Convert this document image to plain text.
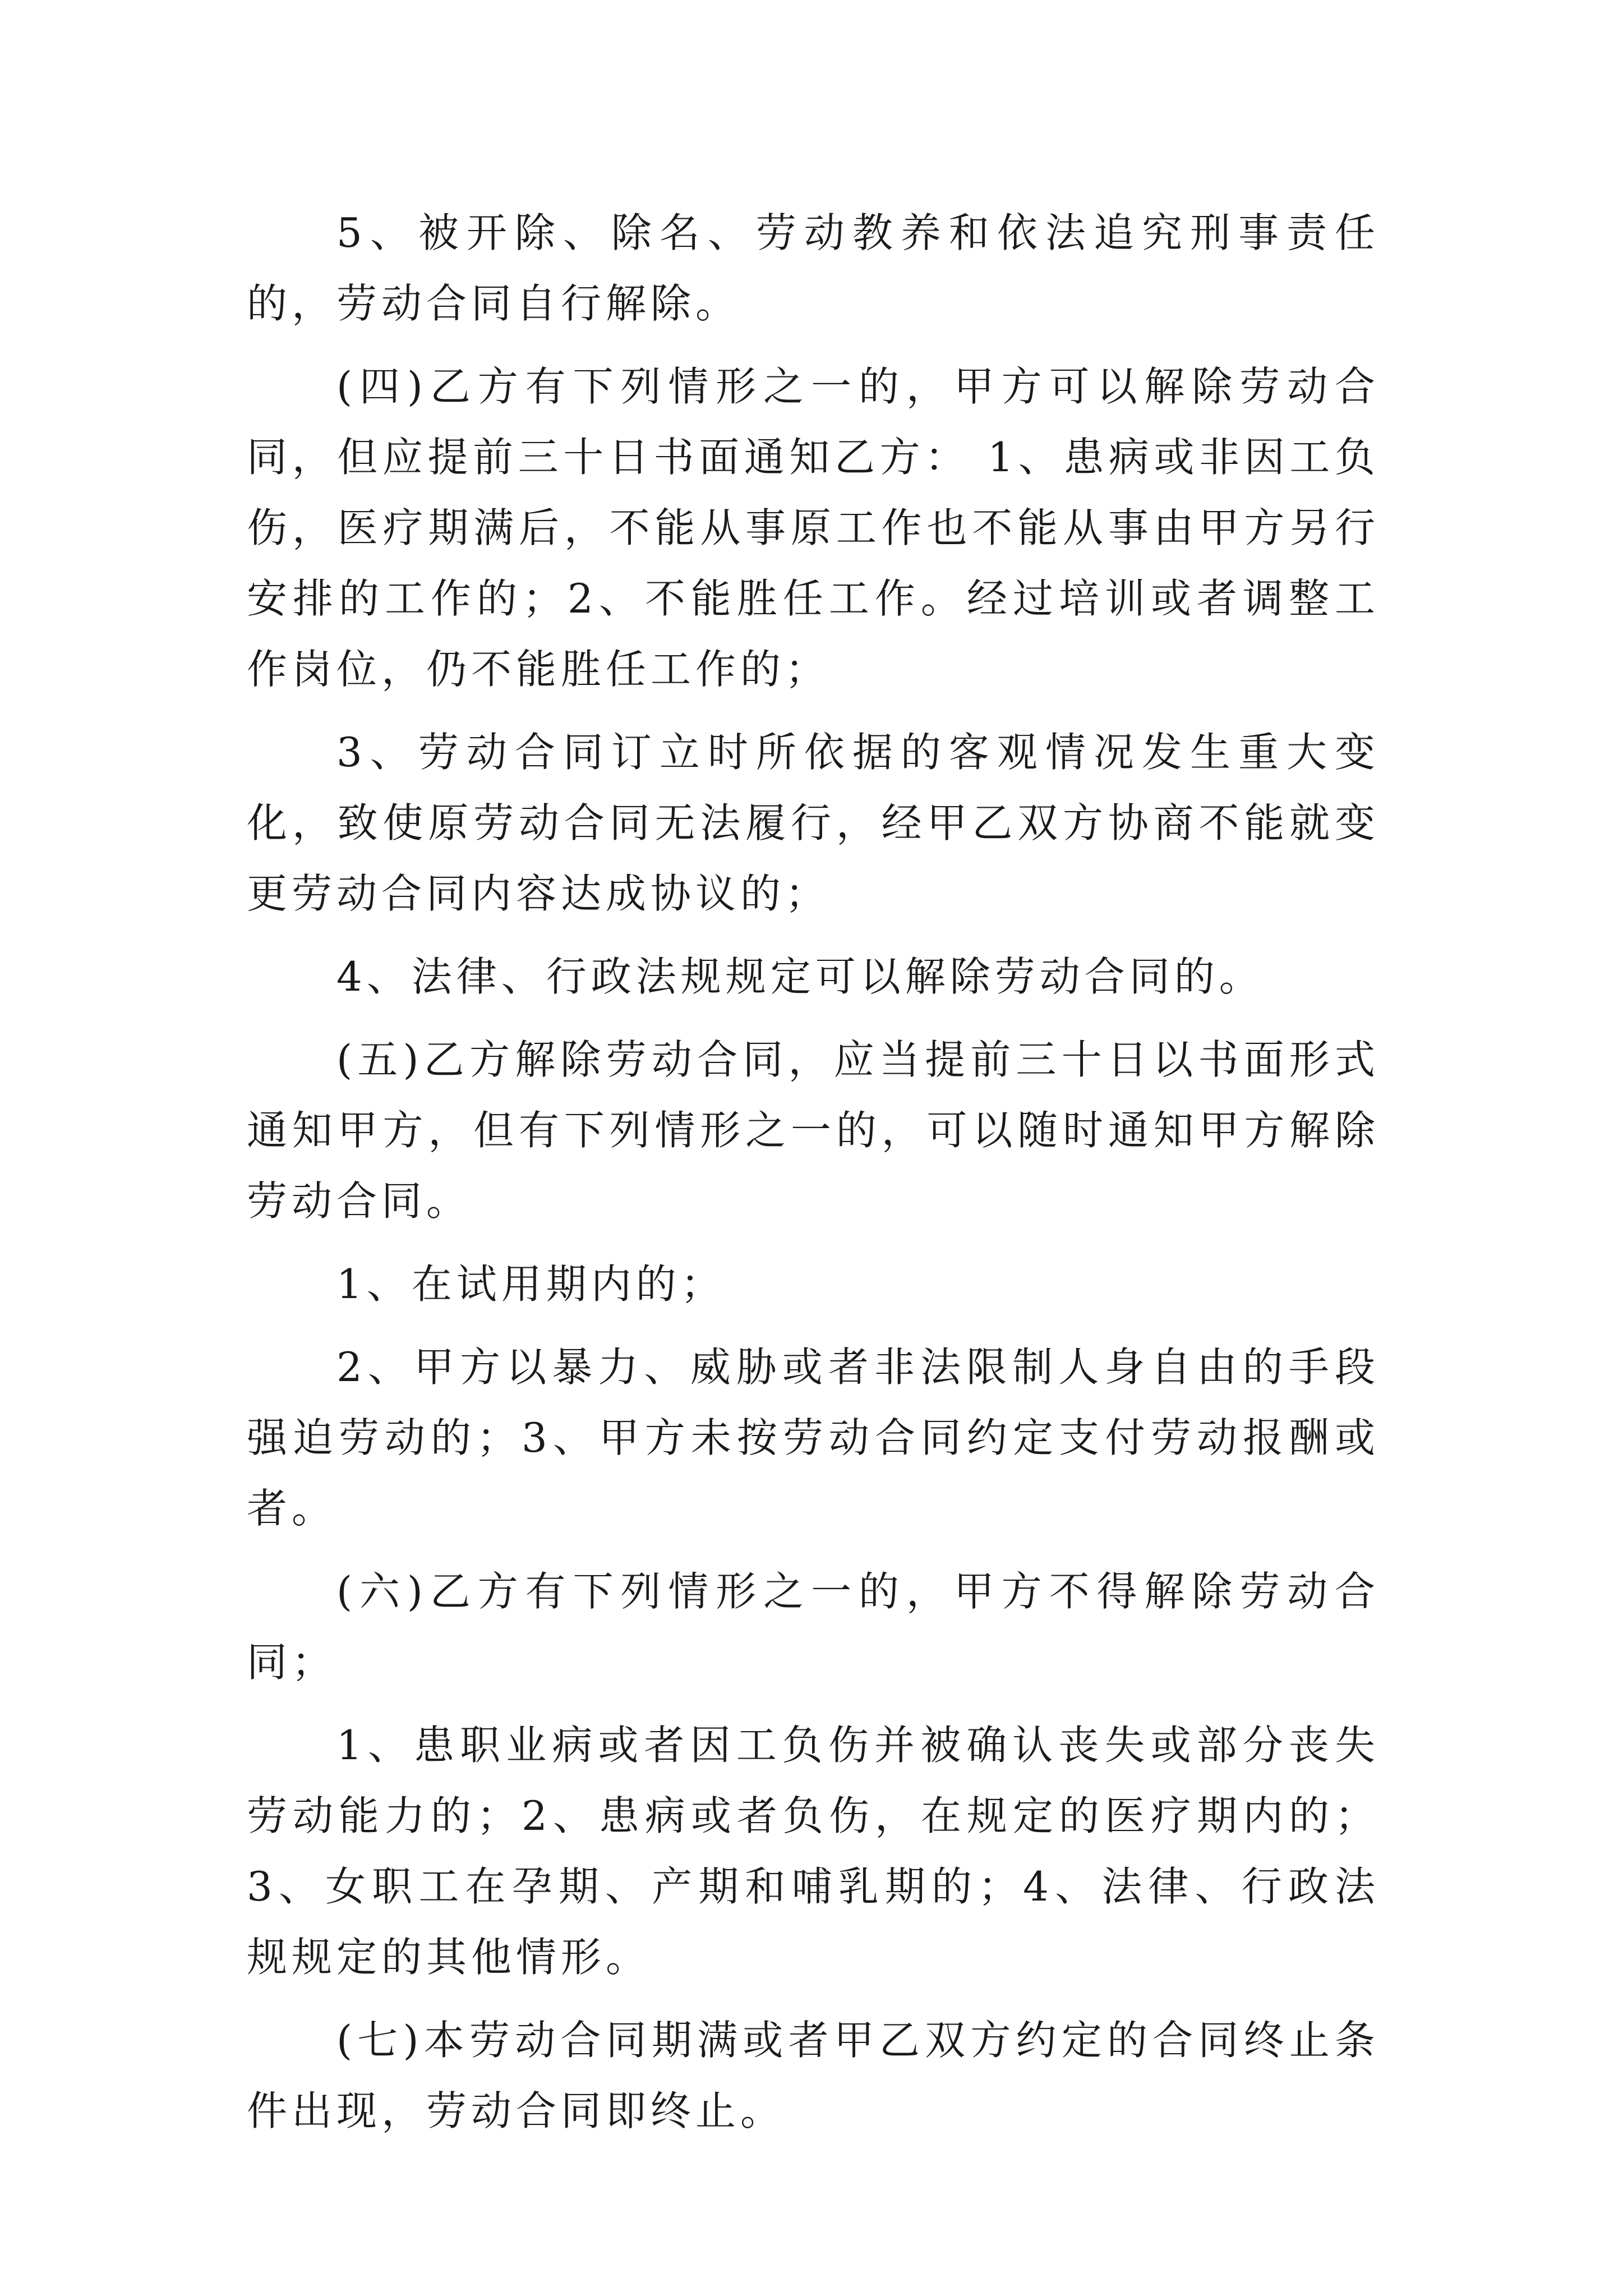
5、被开除、除名、劳动教养和依法追究刑事责任的，劳动合同自行解除。

(四)乙方有下列情形之一的，甲方可以解除劳动合同，但应提前三十日书面通知乙方： 1、患病或非因工负伤，医疗期满后，不能从事原工作也不能从事由甲方另行安排的工作的；2、不能胜任工作。经过培训或者调整工作岗位，仍不能胜任工作的；

3、劳动合同订立时所依据的客观情况发生重大变化，致使原劳动合同无法履行，经甲乙双方协商不能就变更劳动合同内容达成协议的；

4、法律、行政法规规定可以解除劳动合同的。

(五)乙方解除劳动合同，应当提前三十日以书面形式通知甲方，但有下列情形之一的，可以随时通知甲方解除劳动合同。

1、在试用期内的；

2、甲方以暴力、威胁或者非法限制人身自由的手段强迫劳动的；3、甲方未按劳动合同约定支付劳动报酬或者。

(六)乙方有下列情形之一的，甲方不得解除劳动合同；

1、患职业病或者因工负伤并被确认丧失或部分丧失劳动能力的；2、患病或者负伤，在规定的医疗期内的；3、女职工在孕期、产期和哺乳期的；4、法律、行政法规规定的其他情形。

(七)本劳动合同期满或者甲乙双方约定的合同终止条件出现，劳动合同即终止。
